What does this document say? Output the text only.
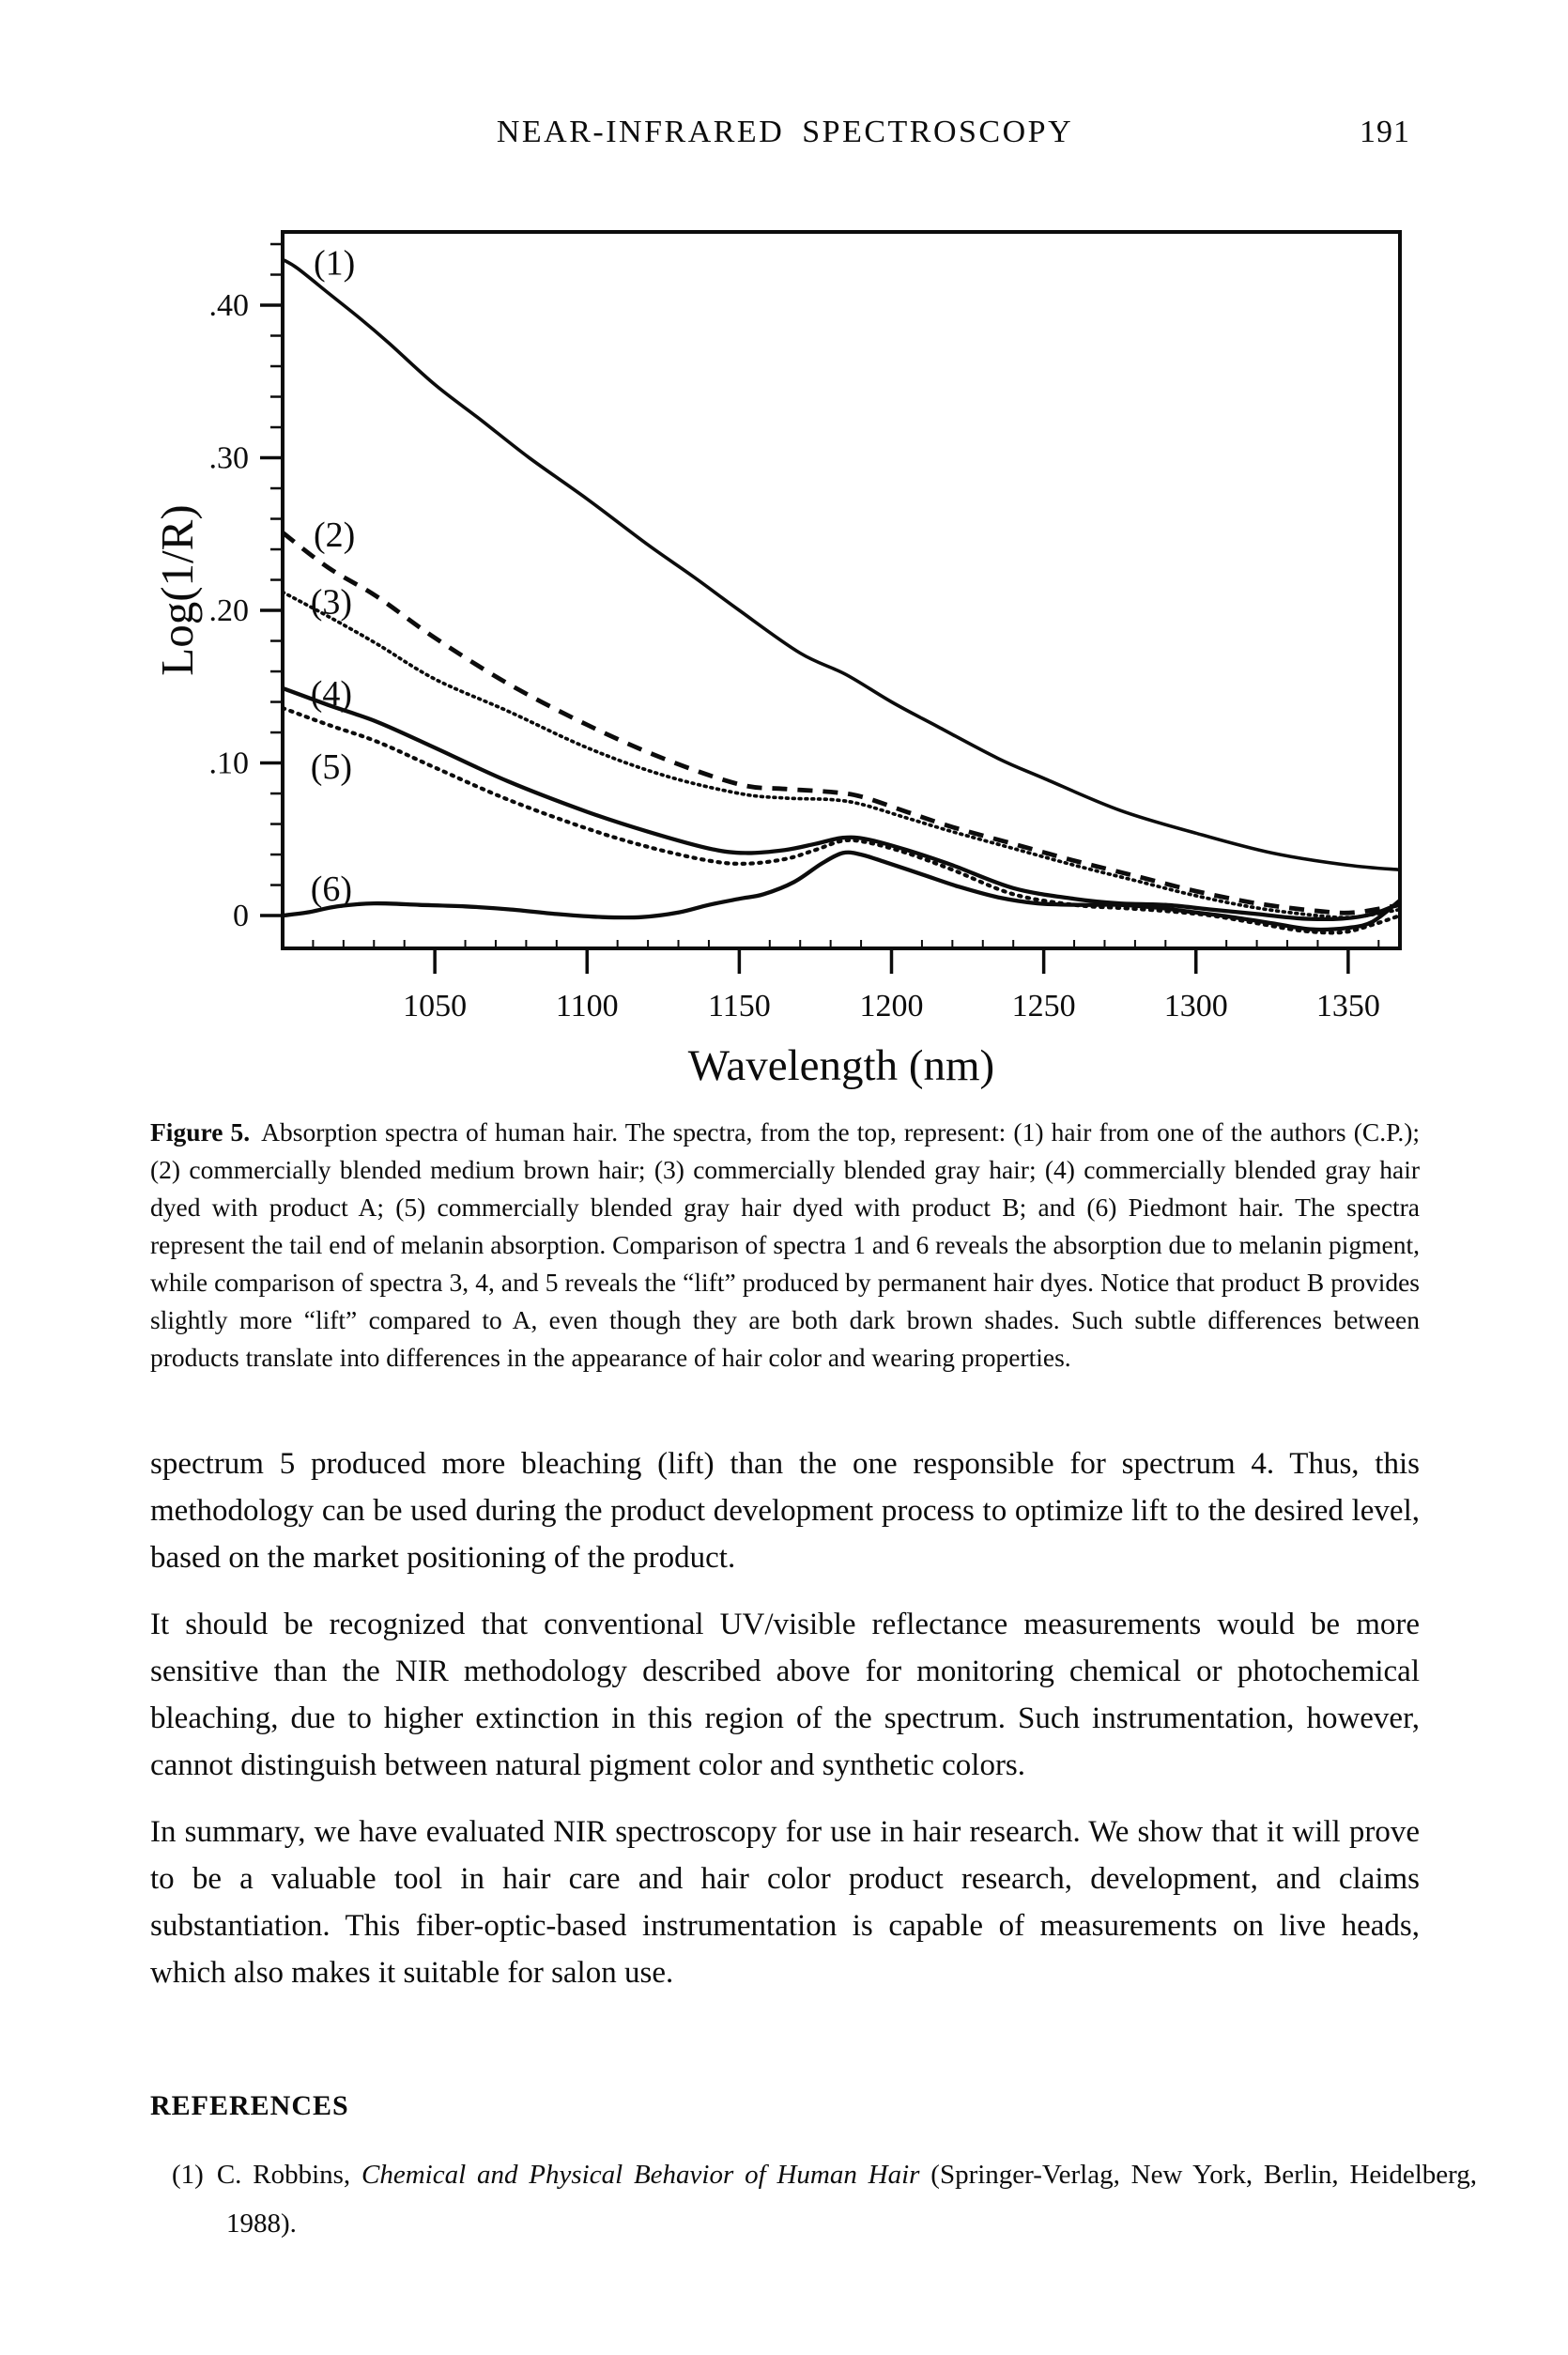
NEAR-INFRARED SPECTROSCOPY	191
.40
.30
.20
.10
0
1050	1100	1150	1200	1250	1300	1350
(1)
(2)
(3)
(4)
(5)
(6)
Wavelength (nm)
Log(1/R)
Figure 5. Absorption spectra of human hair. The spectra, from the top, represent: (1) hair from one of the authors (C.P.); (2) commercially blended medium brown hair; (3) commercially blended gray hair; (4) commercially blended gray hair dyed with product A; (5) commercially blended gray hair dyed with product B; and (6) Piedmont hair. The spectra represent the tail end of melanin absorption. Comparison of spectra 1 and 6 reveals the absorption due to melanin pigment, while comparison of spectra 3, 4, and 5 reveals the “lift” produced by permanent hair dyes. Notice that product B provides slightly more “lift” compared to A, even though they are both dark brown shades. Such subtle differences between products translate into differences in the appearance of hair color and wearing properties.

spectrum 5 produced more bleaching (lift) than the one responsible for spectrum 4. Thus, this methodology can be used during the product development process to optimize lift to the desired level, based on the market positioning of the product.

It should be recognized that conventional UV/visible reflectance measurements would be more sensitive than the NIR methodology described above for monitoring chemical or photochemical bleaching, due to higher extinction in this region of the spectrum. Such instrumentation, however, cannot distinguish between natural pigment color and synthetic colors.

In summary, we have evaluated NIR spectroscopy for use in hair research. We show that it will prove to be a valuable tool in hair care and hair color product research, development, and claims substantiation. This fiber-optic-based instrumentation is capable of measurements on live heads, which also makes it suitable for salon use.

REFERENCES
(1) C. Robbins, Chemical and Physical Behavior of Human Hair (Springer-Verlag, New York, Berlin, Heidelberg, 1988).
